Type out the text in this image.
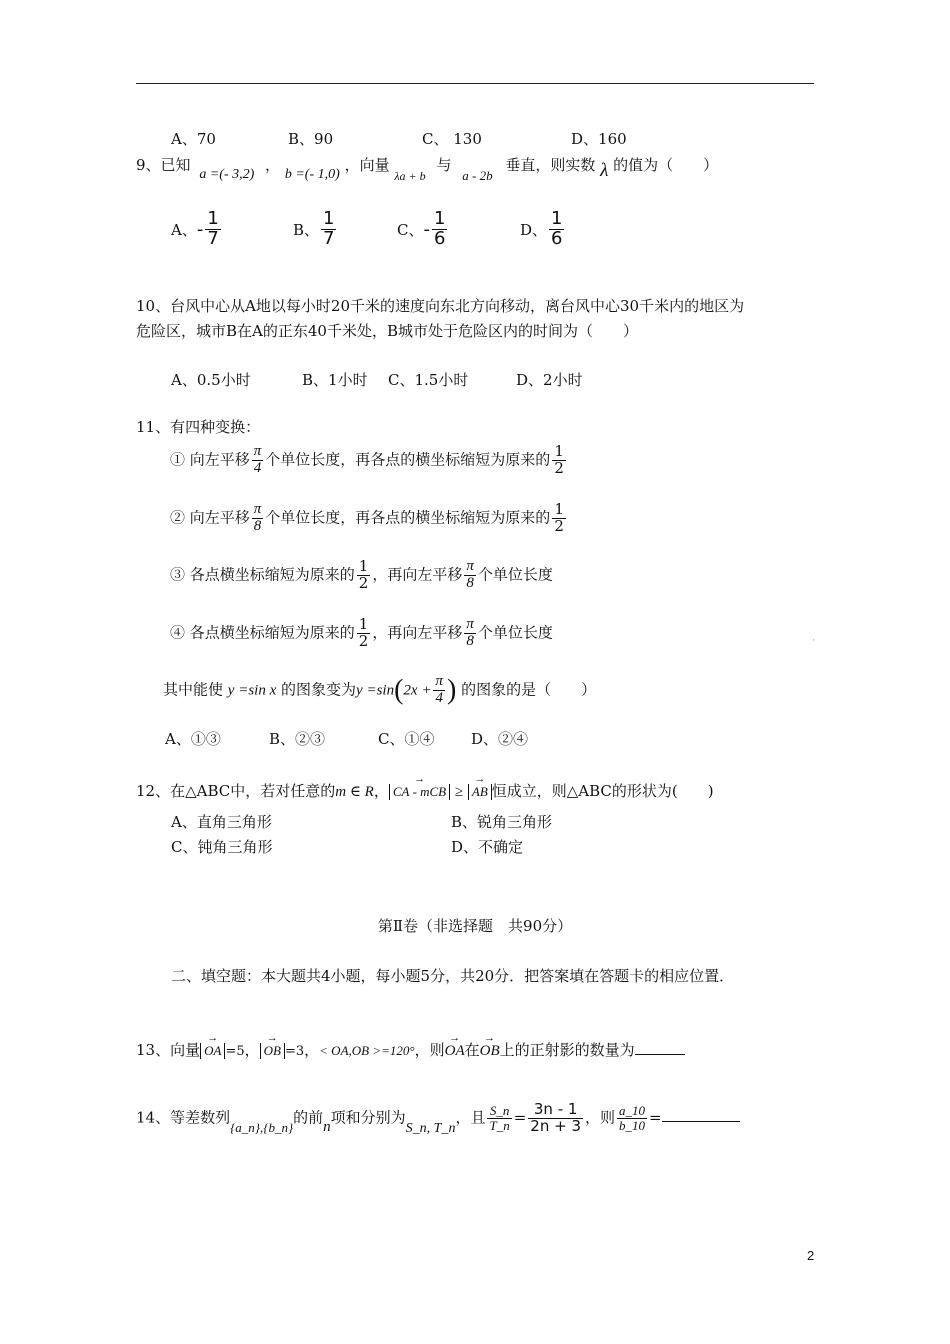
A、70	B、90	C、 130	D、160
9、已知 a =(- 3,2) ， b =(- 1,0) ，向量 $_{\lambda a + b}$ 与 a - 2b 垂直，则实数 λ 的值为（　　）
A、- $\frac{1}{7}$	B、 $\frac{1}{7}$	C、- $\frac{1}{6}$	D、 $\frac{1}{6}$
10、台风中心从A地以每小时20千米的速度向东北方向移动，离台风中心30千米内的地区为
危险区，城市B在A的正东40千米处，B城市处于危险区内的时间为（　　）
A、0.5小时	B、1小时 C、1.5小时	D、2小时
11、有四种变换：
① 向左平移 $\frac{\pi}{4}$ 个单位长度，再各点的横坐标缩短为原来的 $\frac{1}{2}$
② 向左平移 $\frac{\pi}{8}$ 个单位长度，再各点的横坐标缩短为原来的 $\frac{1}{2}$
③ 各点横坐标缩短为原来的 $\frac{1}{2}$ ，再向左平移 $\frac{\pi}{8}$ 个单位长度
④ 各点横坐标缩短为原来的 $\frac{1}{2}$ ，再向左平移 $\frac{\pi}{8}$ 个单位长度
其中能使 y =sin x 的图象变为$y =\sin(2x + \frac{\pi}{4}$ ) 的图象的是（　　）
A、①③	B、②③	C、①④ D、②④
·
12、在△ABC中，若对任意的m ∈ R， → CA - mCB ≥ → AB 恒成立，则△ABC的形状为(　　)
A、直角三角形	B、锐角三角形
C、钝角三角形	D、不确定
第Ⅱ卷（非选择题　共90分）
二、填空题：本大题共4小题，每小题5分，共20分．把答案填在答题卡的相应位置．
13、向量 → OA =5， → OB =3，< OA,OB >=120°，则→ OA在→ OB上的正射影的数量为
14、等差数列{a_n},{b_n}的前n项和分别为S_n, T_n，且 $\frac{S\_n}{T\_n} = \frac{3n - 1}{2n + 3}$ ，则 $\frac{a\_10}{b\_10}$ =
2
